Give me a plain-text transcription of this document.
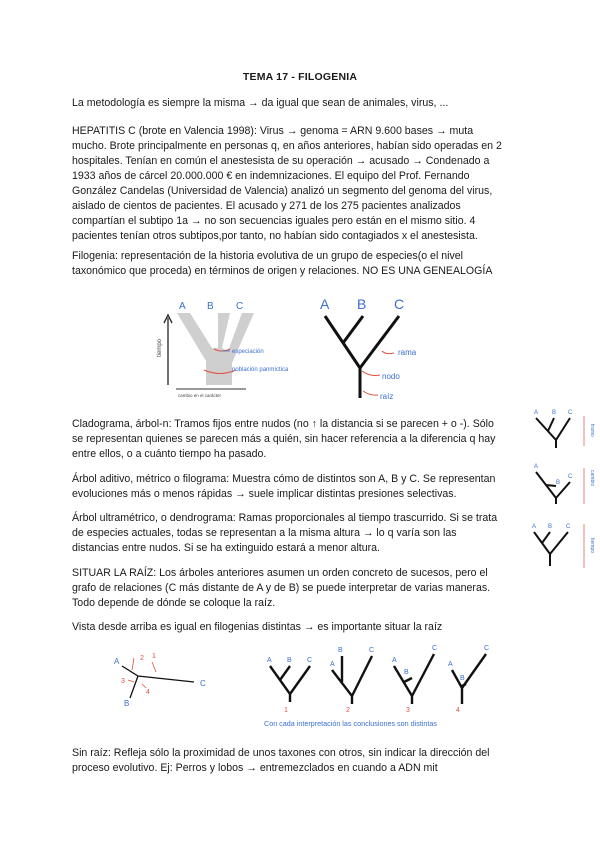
TEMA 17 - FILOGENIA
La metodología es siempre la misma → da igual que sean de animales, virus, ...
HEPATITIS C (brote en Valencia 1998): Virus → genoma = ARN 9.600 bases → muta
mucho. Brote principalmente en personas q, en años anteriores, habían sido operadas en 2
hospitales. Tenían en común el anestesista de su operación → acusado → Condenado a
1933 años de cárcel 20.000.000 € en indemnizaciones. El equipo del Prof. Fernando
González Candelas (Universidad de Valencia) analizó un segmento del genoma del virus,
aislado de cientos de pacientes. El acusado y 271 de los 275 pacientes analizados
compartían el subtipo 1a → no son secuencias iguales pero están en el mismo sitio. 4
pacientes tenían otros subtipos,por tanto, no habían sido contagiados x el anestesista.
Filogenia: representación de la historia evolutiva de un grupo de especies(o el nivel
taxonómico que proceda) en términos de origen y relaciones. NO ES UNA GENEALOGÍA
A B C
tiempo
cambio en el carácter
especiación
población panmíctica
A B C
rama
nodo
raíz
Cladograma, árbol-n: Tramos fijos entre nudos (no ↑ la distancia si se parecen + o -). Sólo
se representan quienes se parecen más a quién, sin hacer referencia a la diferencia q hay
entre ellos, o a cuánto tiempo ha pasado.
Árbol aditivo, métrico o filograma: Muestra cómo de distintos son A, B y C. Se representan
evoluciones más o menos rápidas → suele implicar distintas presiones selectivas.
Árbol ultramétrico, o dendrograma: Ramas proporcionales al tiempo trascurrido. Si se trata
de especies actuales, todas se representan a la misma altura → lo q varía son las
distancias entre nudos. Si se ha extinguido estará a menor altura.
A B C
tramo
A
B
C	cambio
A B C
tiempo
SITUAR LA RAÍZ: Los árboles anteriores asumen un orden concreto de sucesos, pero el
grafo de relaciones (C más distante de A y de B) se puede interpretar de varias maneras.
Todo depende de dónde se coloque la raíz.
Vista desde arriba es igual en filogenias distintas → es importante situar la raíz
A
B
C
2 1
3
4
A B C
1
A
B	C
2
A
B
C
3
A
B
C
4
Con cada interpretación las conclusiones son distintas
Sin raíz: Refleja sólo la proximidad de unos taxones con otros, sin indicar la dirección del
proceso evolutivo. Ej: Perros y lobos → entremezclados en cuando a ADN mit
